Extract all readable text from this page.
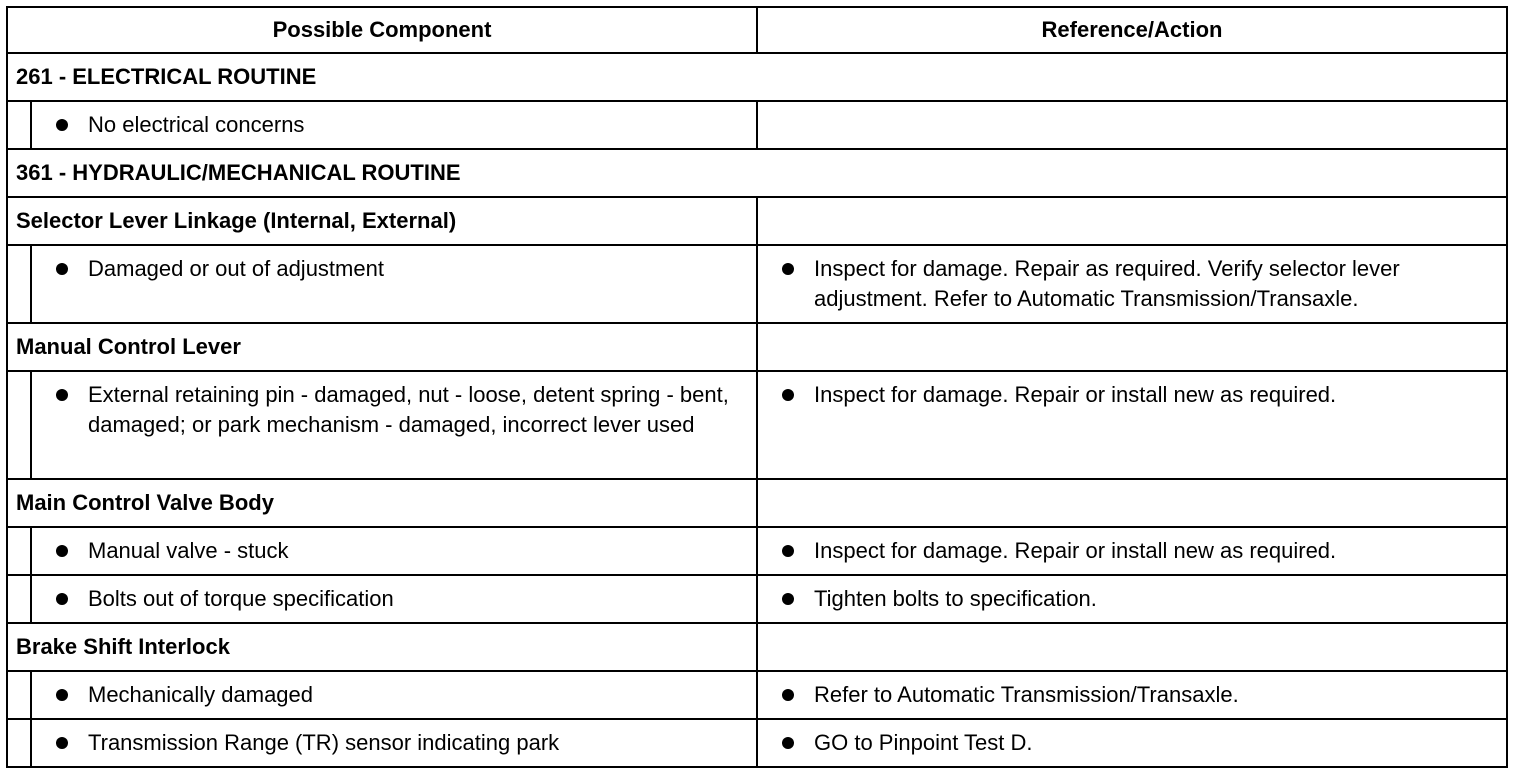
Possible Component	Reference/Action
261 - ELECTRICAL ROUTINE	

No electrical concerns	

361 - HYDRAULIC/MECHANICAL ROUTINE	
Selector Lever Linkage (Internal, External)	

Damaged or out of adjustment	Inspect for damage. Repair as required. Verify selector lever adjustment. Refer to Automatic Transmission/Transaxle.

Manual Control Lever	

External retaining pin - damaged, nut - loose, detent spring - bent, damaged; or park mechanism - damaged, incorrect lever used	Inspect for damage. Repair or install new as required.

Main Control Valve Body	

Manual valve - stuck	Inspect for damage. Repair or install new as required.

Bolts out of torque specification	Tighten bolts to specification.

Brake Shift Interlock	

Mechanically damaged	Refer to Automatic Transmission/Transaxle.

Transmission Range (TR) sensor indicating park	GO to Pinpoint Test D.
